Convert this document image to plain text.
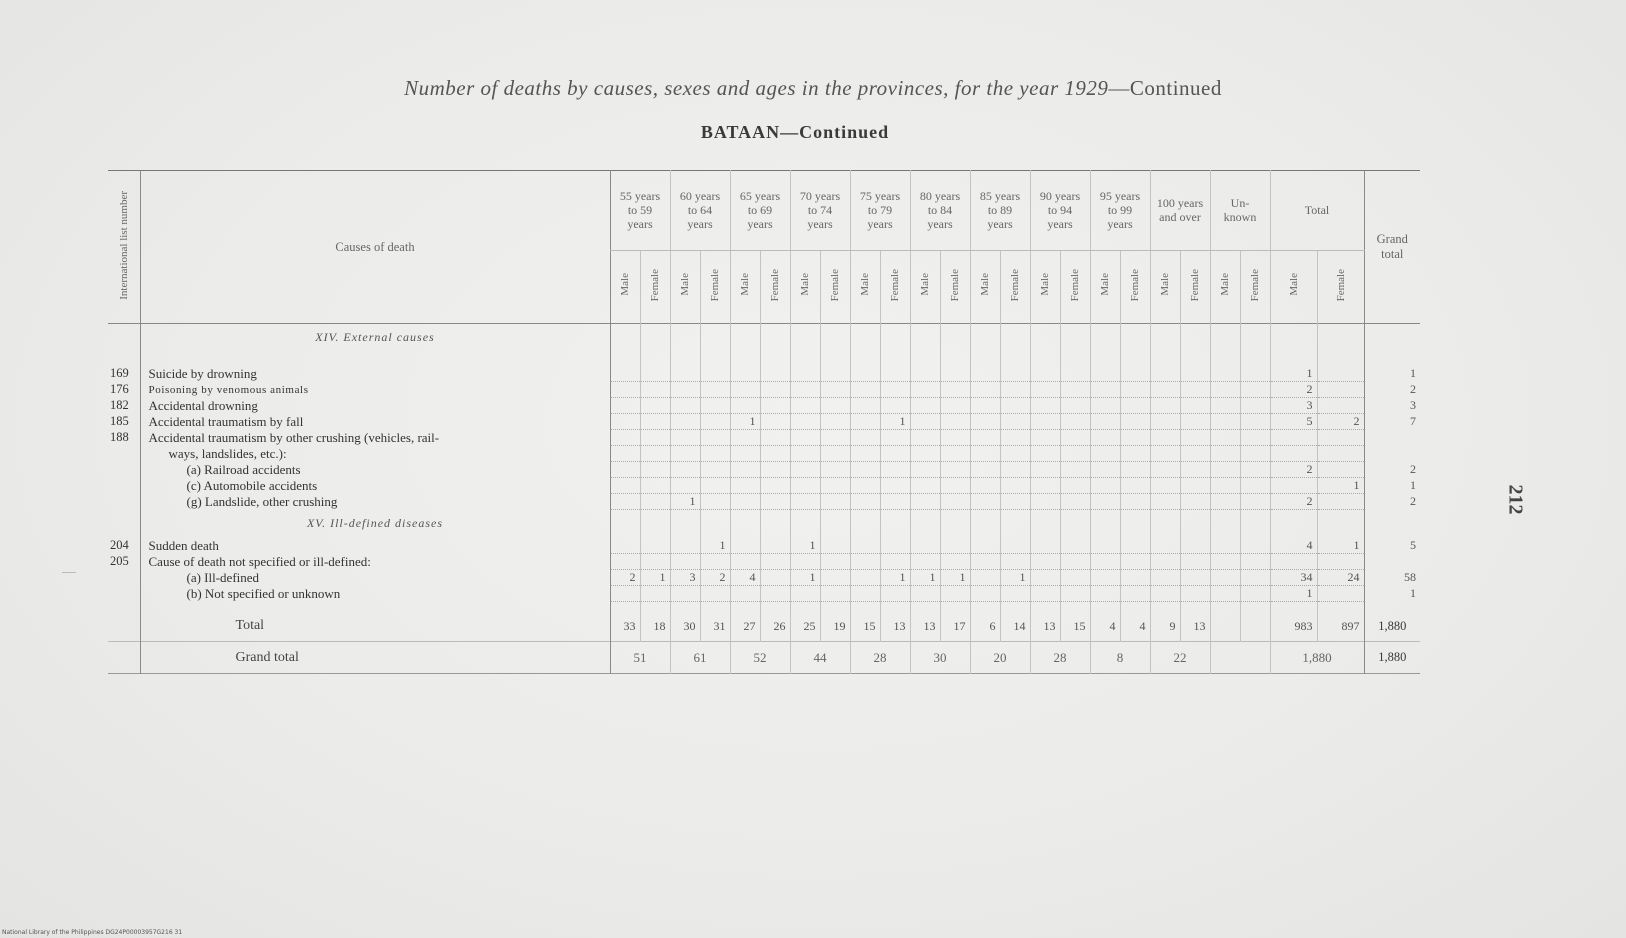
Number of deaths by causes, sexes and ages in the provinces, for the year 1929—Continued
BATAAN—Continued
International list number	Causes of death	55 years to 59 years		60 years to 64 years		65 years to 69 years		70 years to 74 years		75 years to 79 years		80 years to 84 years		85 years to 89 years		90 years to 94 years		95 years to 99 years		100 years and over		Un-known		Total		Grand total

		Male	Female	Male	Female	Male	Female	Male	Female	Male	Female	Male	Female	Male	Female	Male	Female	Male	Female	Male	Female	Male	Female	Male	Female	
	XIV. External causes																									

169	Suicide by drowning																							1		1
176	Poisoning by venomous animals																							2		2
182	Accidental drowning																							3		3
185	Accidental traumatism by fall					1					1													5	2	7
188	Accidental traumatism by other crushing (vehicles, rail-																									
	ways, landslides, etc.):																									
	(a) Railroad accidents																							2		2
	(c) Automobile accidents																								1	1
	(g) Landslide, other crushing			1																				2		2
	XV. Ill-defined diseases																									
204	Sudden death				1			1																4	1	5
205	Cause of death not specified or ill-defined:																									
	(a) Ill-defined	2	1	3	2	4		1			1	1	1		1									34	24	58
	(b) Not specified or unknown																							1		1

	Total	33	18	30	31	27	26	25	19	15	13	13	17	6	14	13	15	4	4	9	13			983	897	1,880
	Grand total	51		61		52		44		28		30		20		28		8		22				1,880		1,880
212
National Library of the Philippines DG24P00003957G216 31
